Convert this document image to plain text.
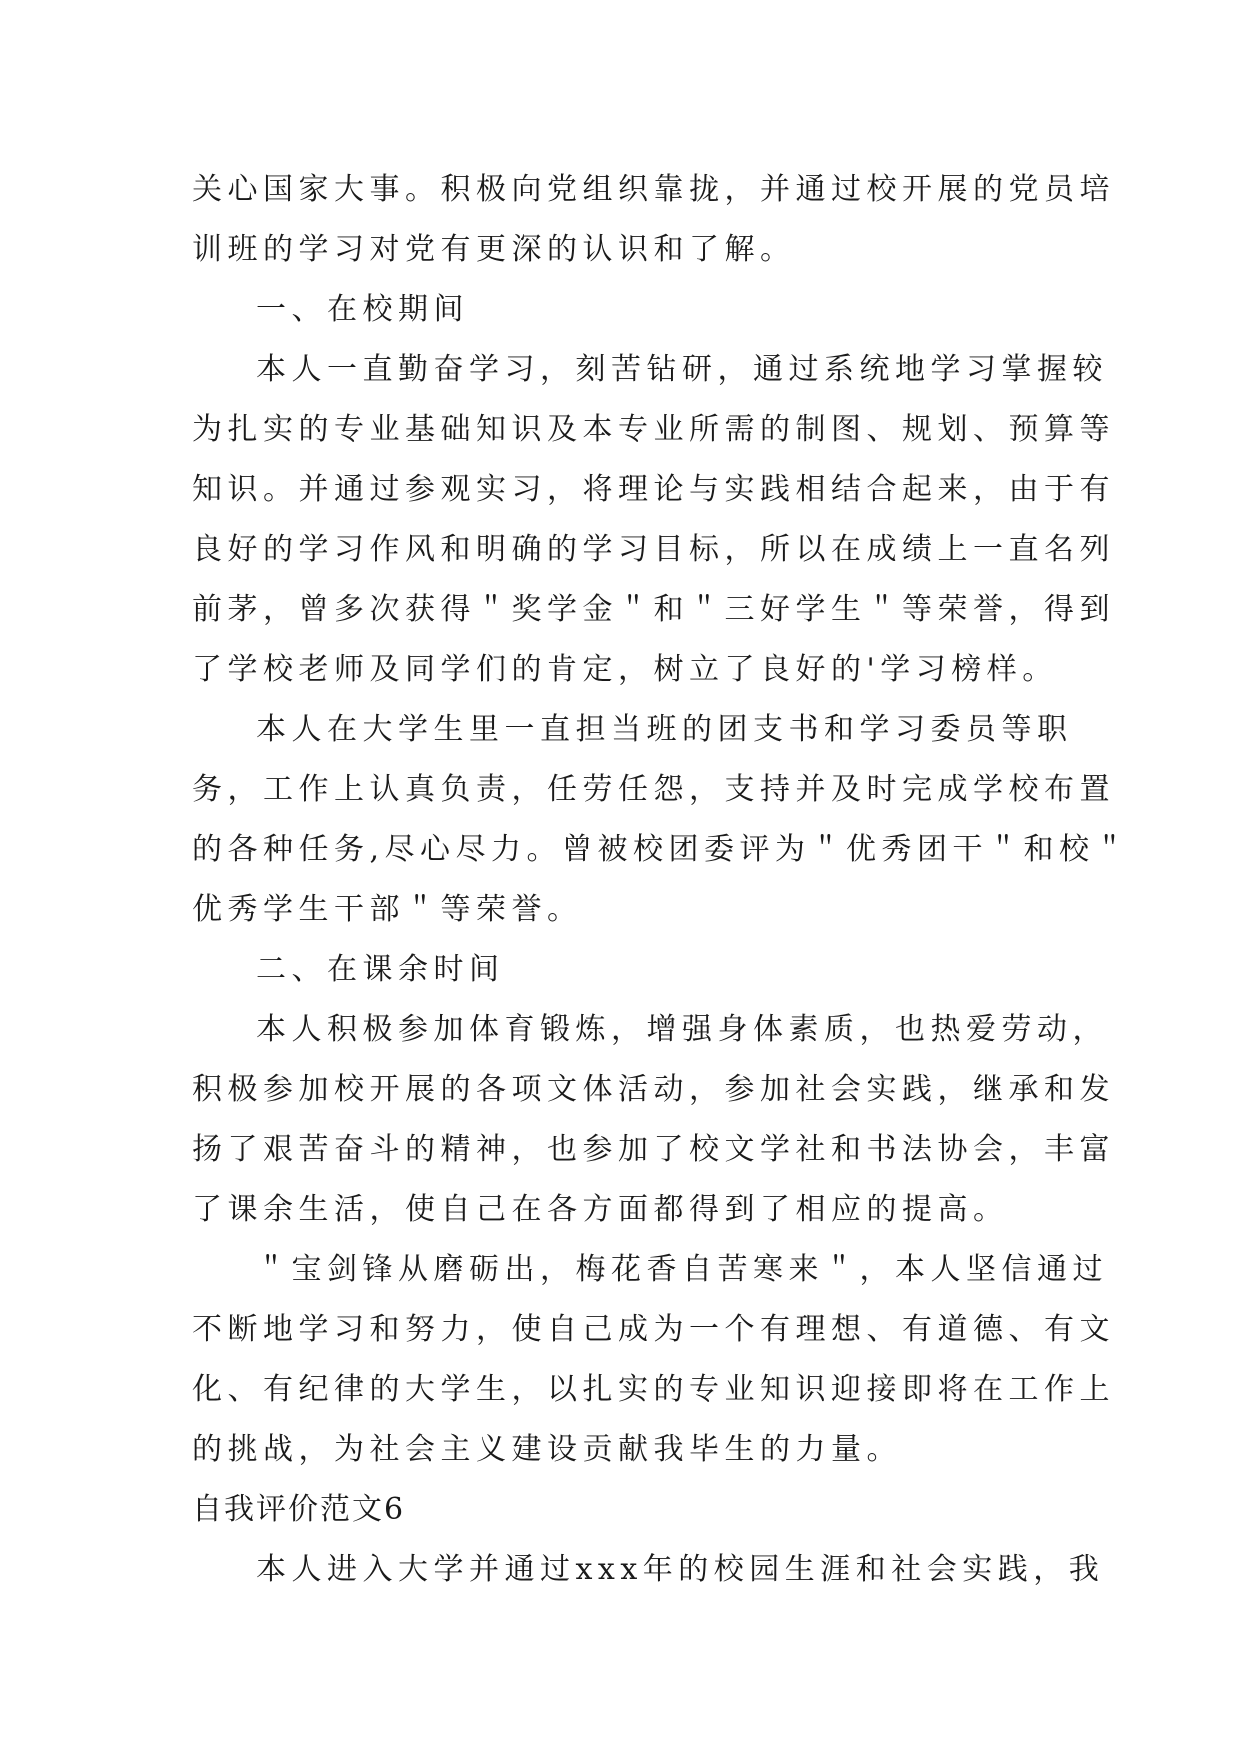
关心国家大事。积极向党组织靠拢，并通过校开展的党员培
训班的学习对党有更深的认识和了解。
一、在校期间
本人一直勤奋学习，刻苦钻研，通过系统地学习掌握较
为扎实的专业基础知识及本专业所需的制图、规划、预算等
知识。并通过参观实习，将理论与实践相结合起来，由于有
良好的学习作风和明确的学习目标，所以在成绩上一直名列
前茅，曾多次获得＂奖学金＂和＂三好学生＂等荣誉，得到
了学校老师及同学们的肯定，树立了良好的'学习榜样。
本人在大学生里一直担当班的团支书和学习委员等职
务，工作上认真负责，任劳任怨，支持并及时完成学校布置
的各种任务,尽心尽力。曾被校团委评为＂优秀团干＂和校＂
优秀学生干部＂等荣誉。
二、在课余时间
本人积极参加体育锻炼，增强身体素质，也热爱劳动，
积极参加校开展的各项文体活动，参加社会实践，继承和发
扬了艰苦奋斗的精神，也参加了校文学社和书法协会，丰富
了课余生活，使自己在各方面都得到了相应的提高。
＂宝剑锋从磨砺出，梅花香自苦寒来＂，本人坚信通过
不断地学习和努力，使自己成为一个有理想、有道德、有文
化、有纪律的大学生，以扎实的专业知识迎接即将在工作上
的挑战，为社会主义建设贡献我毕生的力量。
自我评价范文6
本人进入大学并通过xxx年的校园生涯和社会实践，我
